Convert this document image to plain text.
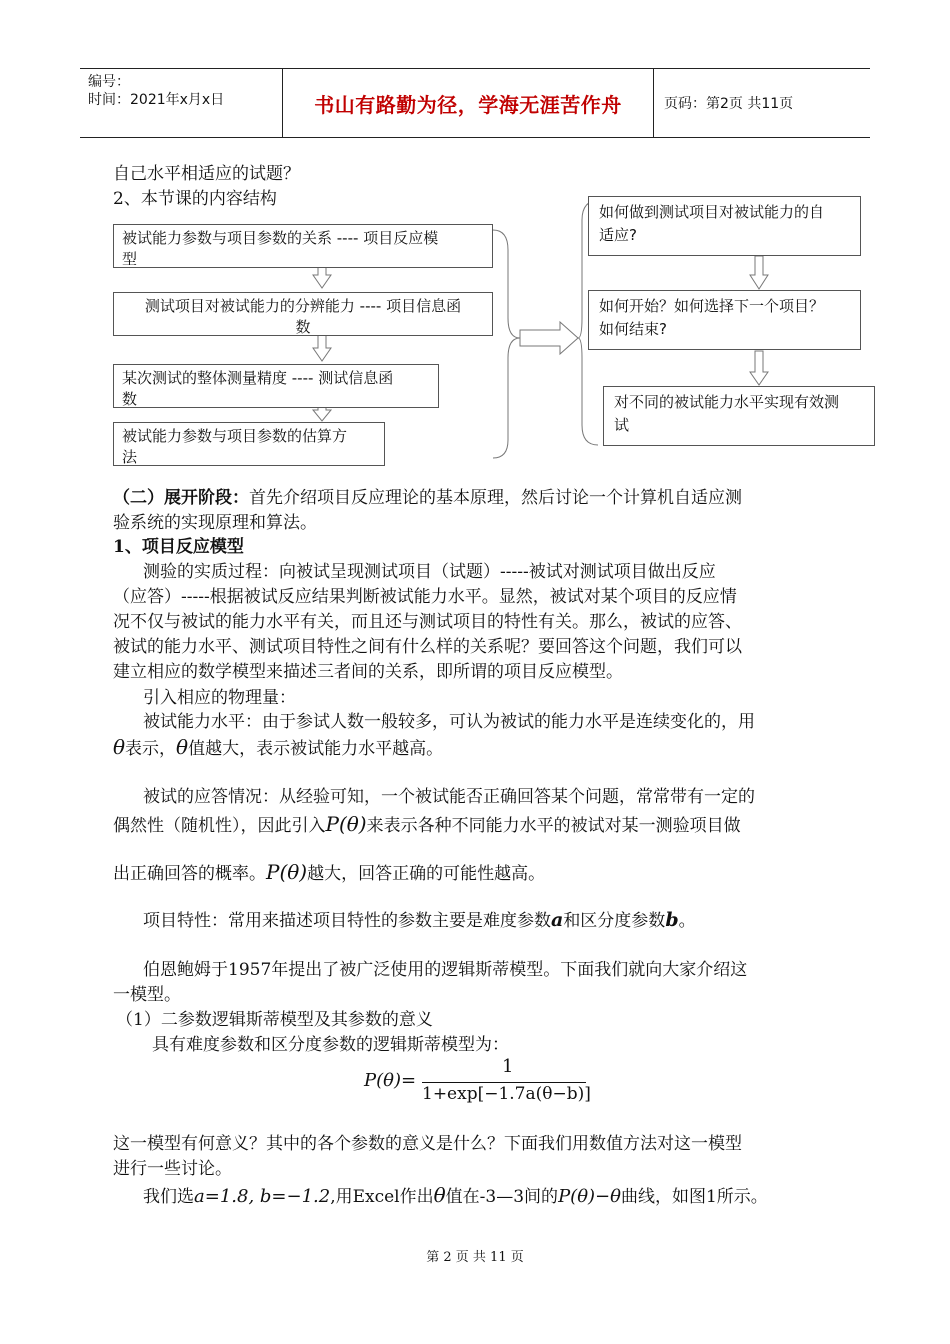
编号：
时间：2021年x月x日	书山有路勤为径，学海无涯苦作舟	页码：第2页 共11页
自己水平相适应的试题？
2、本节课的内容结构
被试能力参数与项目参数的关系 ---- 项目反应模
型
测试项目对被试能力的分辨能力 ---- 项目信息函
数
某次测试的整体测量精度 ---- 测试信息函
数
被试能力参数与项目参数的估算方
法
如何做到测试项目对被试能力的自
适应?
如何开始？如何选择下一个项目？
如何结束?
对不同的被试能力水平实现有效测
试
（二）展开阶段：首先介绍项目反应理论的基本原理，然后讨论一个计算机自适应测
验系统的实现原理和算法。
1、项目反应模型
测验的实质过程：向被试呈现测试项目（试题）-----被试对测试项目做出反应
（应答）-----根据被试反应结果判断被试能力水平。显然，被试对某个项目的反应情
况不仅与被试的能力水平有关，而且还与测试项目的特性有关。那么，被试的应答、
被试的能力水平、测试项目特性之间有什么样的关系呢？要回答这个问题，我们可以
建立相应的数学模型来描述三者间的关系，即所谓的项目反应模型。
引入相应的物理量：
被试能力水平：由于参试人数一般较多，可认为被试的能力水平是连续变化的，用
θ表示，θ值越大，表示被试能力水平越高。
被试的应答情况：从经验可知，一个被试能否正确回答某个问题，常常带有一定的
偶然性（随机性），因此引入P(θ)来表示各种不同能力水平的被试对某一测验项目做
出正确回答的概率。P(θ)越大，回答正确的可能性越高。
项目特性：常用来描述项目特性的参数主要是难度参数a和区分度参数b。
伯恩鲍姆于1957年提出了被广泛使用的逻辑斯蒂模型。下面我们就向大家介绍这
一模型。
（1）二参数逻辑斯蒂模型及其参数的意义
具有难度参数和区分度参数的逻辑斯蒂模型为：
P(θ)=
1
1+exp[−1.7a(θ−b)]
这一模型有何意义？其中的各个参数的意义是什么？下面我们用数值方法对这一模型
进行一些讨论。
我们选a=1.8, b=−1.2,用Excel作出θ值在-3—3间的P(θ)−θ曲线，如图1所示。
第 2 页 共 11 页
